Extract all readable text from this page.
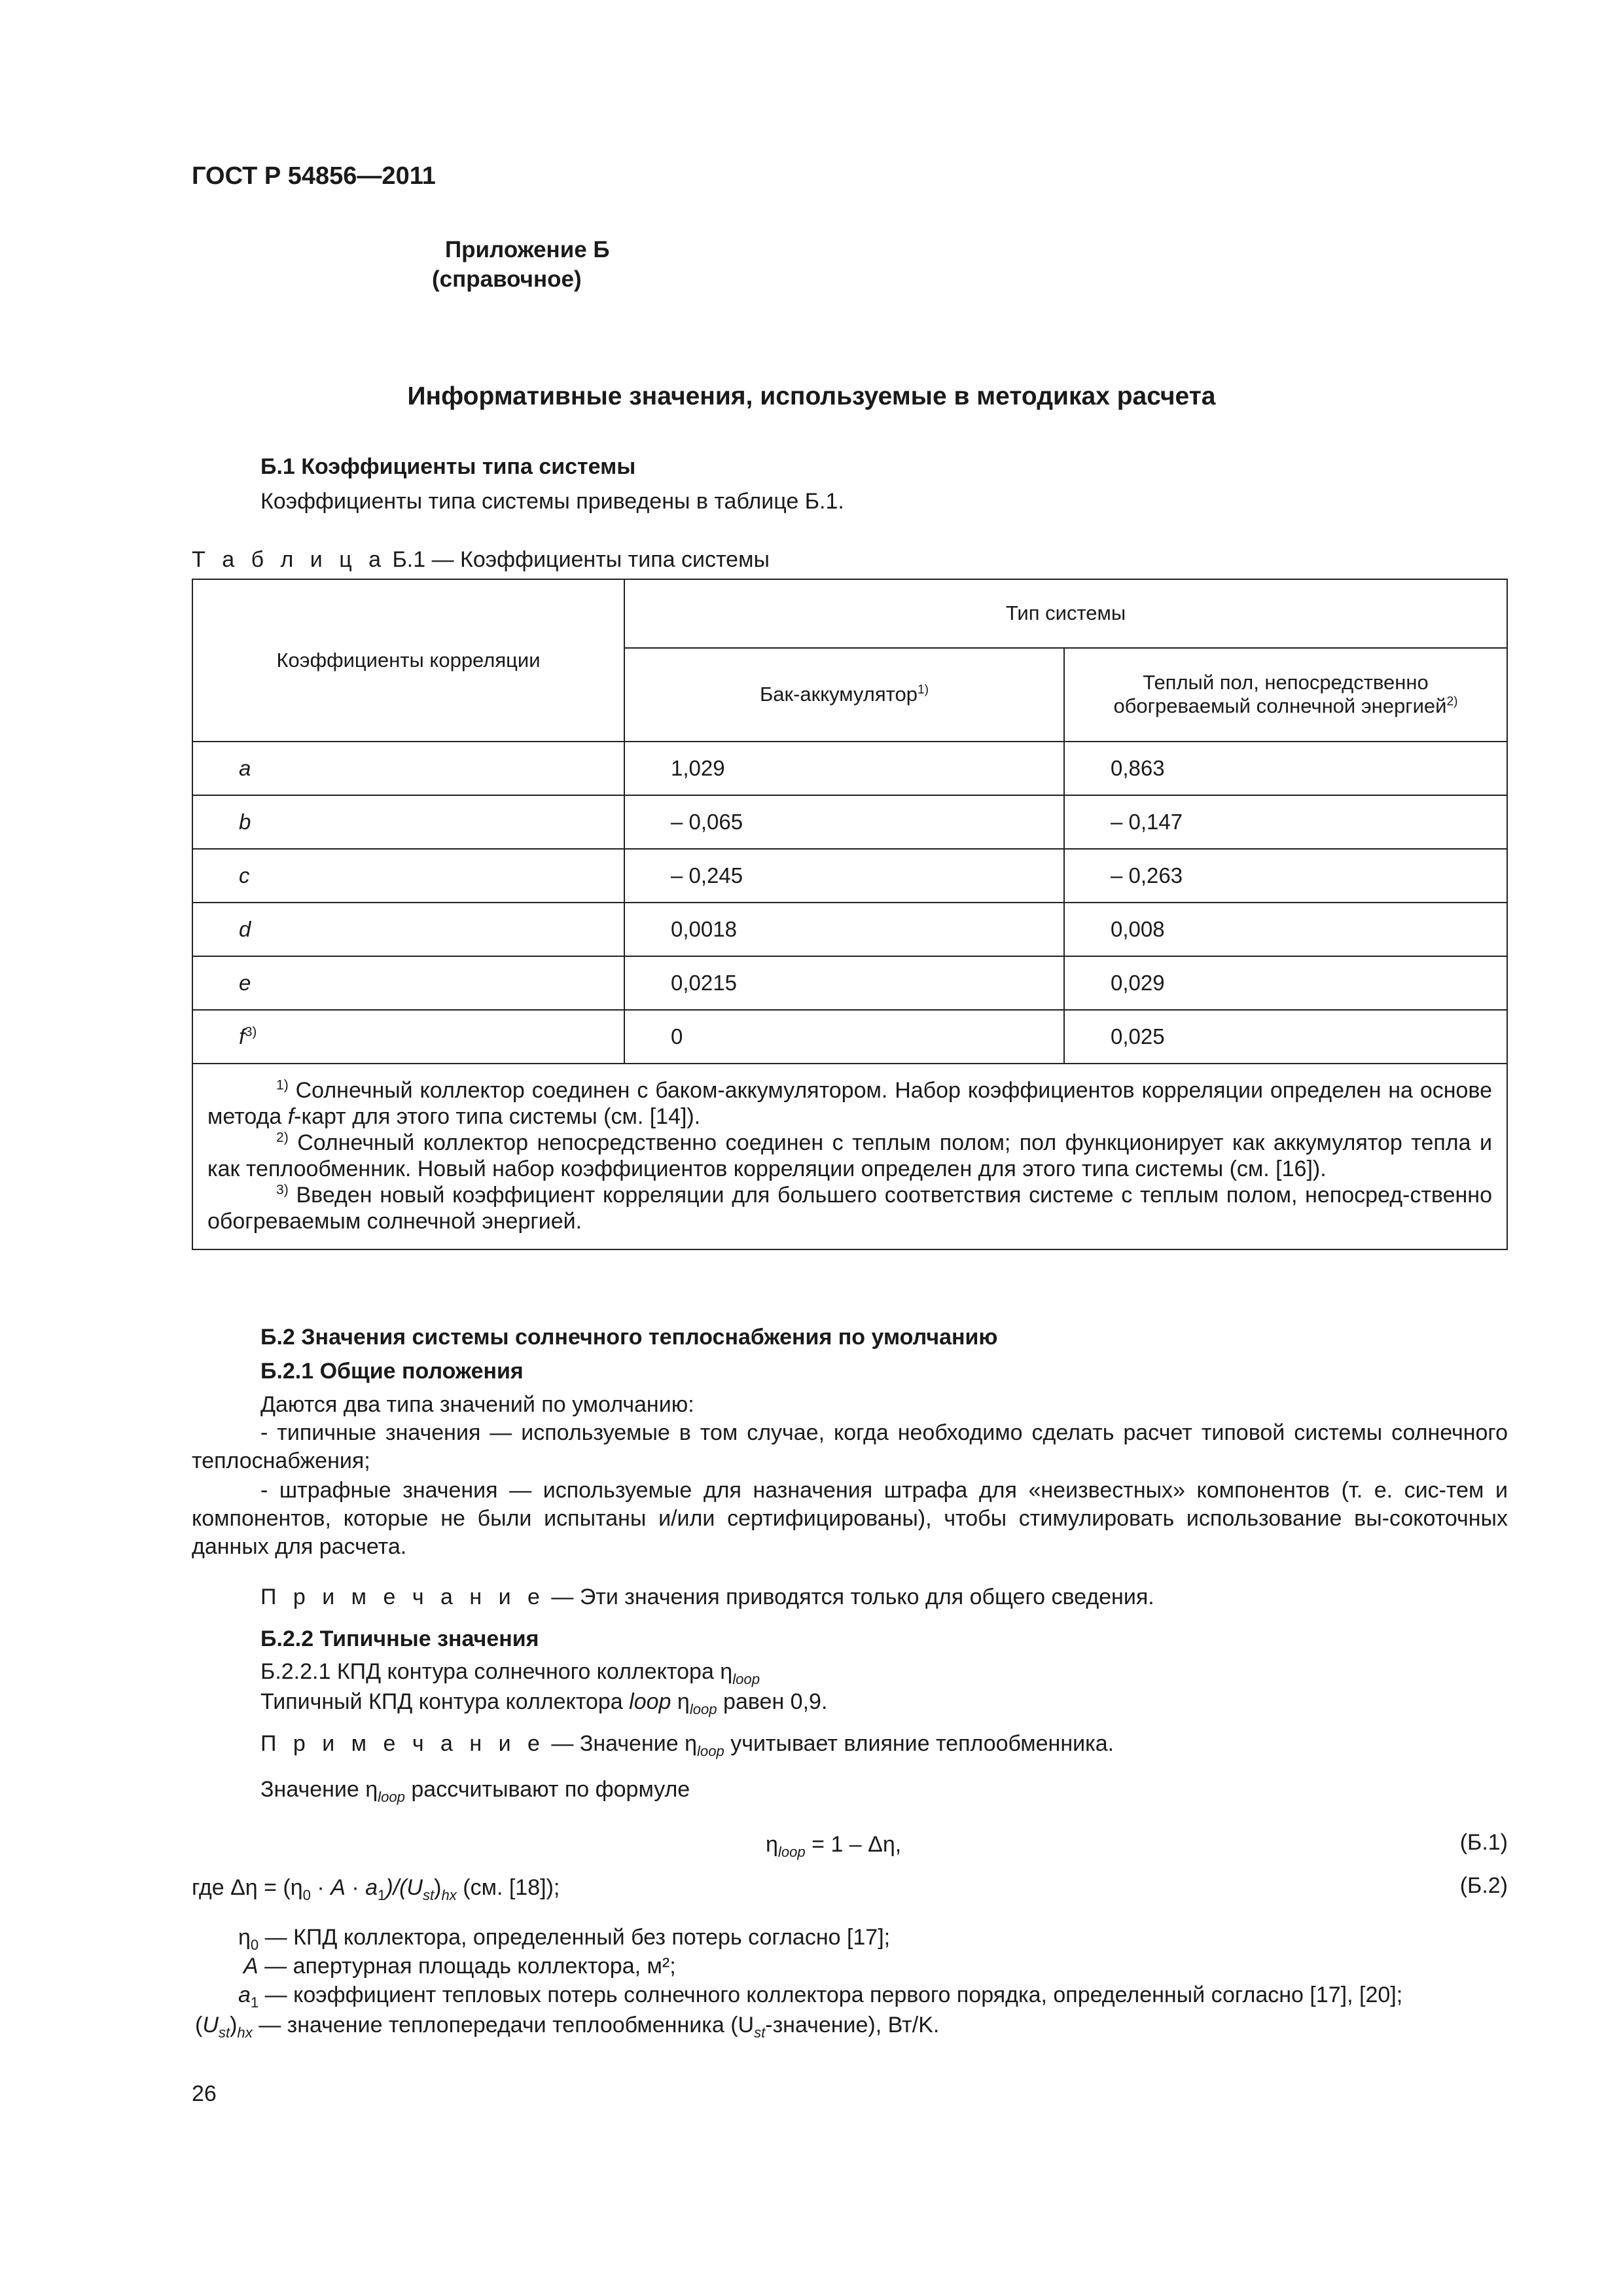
ГОСТ Р 54856—2011
Приложение Б
(справочное)
Информативные значения, используемые в методиках расчета
Б.1 Коэффициенты типа системы
Коэффициенты типа системы приведены в таблице Б.1.
Т а б л и ц а Б.1 — Коэффициенты типа системы
Коэффициенты корреляции	Тип системы	
	Бак-аккумулятор$^{1)}$	Теплый пол, непосредственно
обогреваемый солнечной энергией$^{2)}$
a	1,029	0,863
b	– 0,065	– 0,147
c	– 0,245	– 0,263
d	0,0018	0,008
e	0,0215	0,029
$f^{3)}$	0	0,025

$^{1)}$ Солнечный коллектор соединен с баком-аккумулятором. Набор коэффициентов корреляции определен на основе метода f-карт для этого типа системы (см. [14]).
$^{2)}$ Солнечный коллектор непосредственно соединен с теплым полом; пол функционирует как аккумулятор тепла и как теплообменник. Новый набор коэффициентов корреляции определен для этого типа системы (см. [16]).
$^{3)}$ Введен новый коэффициент корреляции для большего соответствия системе с теплым полом, непосред-ственно обогреваемым солнечной энергией.		
Б.2 Значения системы солнечного теплоснабжения по умолчанию
Б.2.1 Общие положения
Даются два типа значений по умолчанию:
- типичные значения — используемые в том случае, когда необходимо сделать расчет типовой системы солнечного теплоснабжения;
- штрафные значения — используемые для назначения штрафа для «неизвестных» компонентов (т. е. сис-тем и компонентов, которые не были испытаны и/или сертифицированы), чтобы стимулировать использование вы-сокоточных данных для расчета.
П р и м е ч а н и е — Эти значения приводятся только для общего сведения.
Б.2.2 Типичные значения
Б.2.2.1 КПД контура солнечного коллектора $\eta_{loop}$
Типичный КПД контура коллектора loop $\eta_{loop}$ равен 0,9.
П р и м е ч а н и е — Значение $\eta_{loop}$ учитывает влияние теплообменника.
Значение $\eta_{loop}$ рассчитывают по формуле
$\eta_{loop} = 1 - \Delta\eta$,	(Б.1)
где $\Delta\eta = (\eta_0 \cdot A \cdot a_1)/(U_{st})_{hx}$ (см. [18]);	(Б.2)
$\eta_0$ — КПД коллектора, определенный без потерь согласно [17];
A — апертурная площадь коллектора, м²;
$a_1$ — коэффициент тепловых потерь солнечного коллектора первого порядка, определенный согласно [17], [20];
$(U_{st})_{hx}$ — значение теплопередачи теплообменника $(U_{st}-значение)$, Вт/K.
26
